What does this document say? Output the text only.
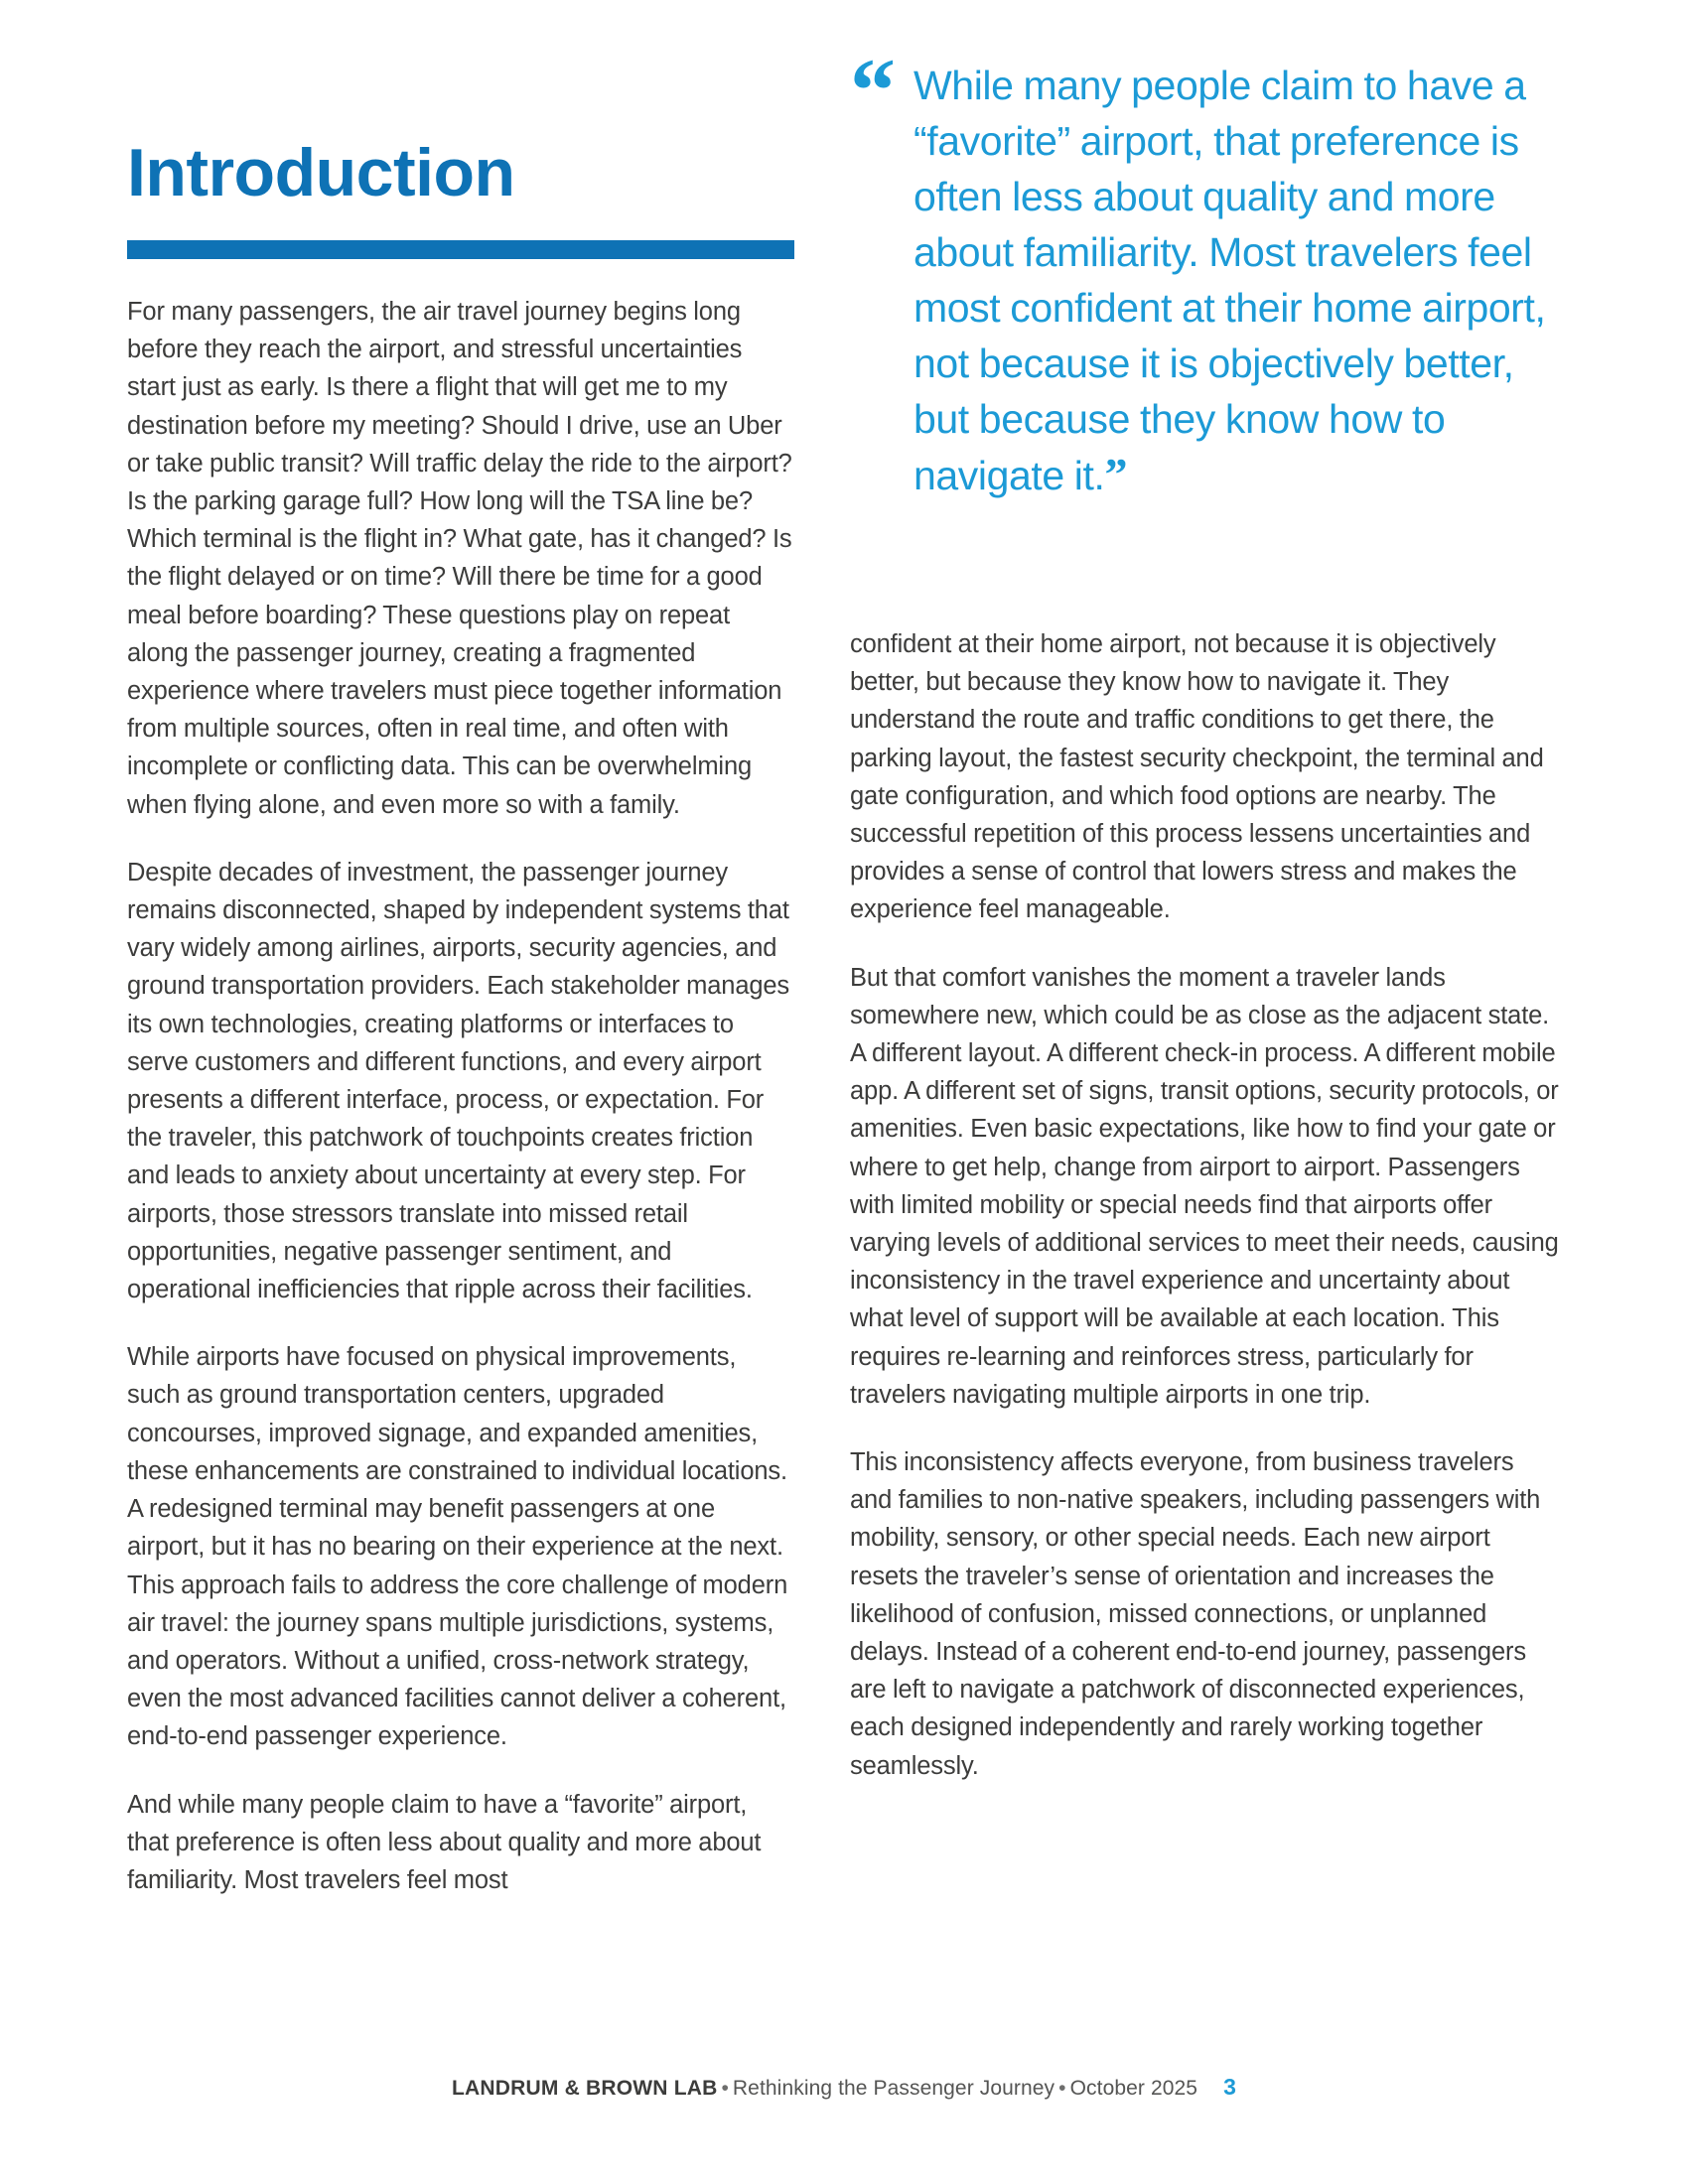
Introduction

For many passengers, the air travel journey begins long before they reach the airport, and stressful uncertainties start just as early. Is there a flight that will get me to my destination before my meeting? Should I drive, use an Uber or take public transit? Will traffic delay the ride to the airport? Is the parking garage full? How long will the TSA line be? Which terminal is the flight in? What gate, has it changed? Is the flight delayed or on time? Will there be time for a good meal before boarding? These questions play on repeat along the passenger journey, creating a fragmented experience where travelers must piece together information from multiple sources, often in real time, and often with incomplete or conflicting data. This can be overwhelming when flying alone, and even more so with a family.

Despite decades of investment, the passenger journey remains disconnected, shaped by independent systems that vary widely among airlines, airports, security agencies, and ground transportation providers. Each stakeholder manages its own technologies, creating platforms or interfaces to serve customers and different functions, and every airport presents a different interface, process, or expectation. For the traveler, this patchwork of touchpoints creates friction and leads to anxiety about uncertainty at every step. For airports, those stressors translate into missed retail opportunities, negative passenger sentiment, and operational inefficiencies that ripple across their facilities.

While airports have focused on physical improvements, such as ground transportation centers, upgraded concourses, improved signage, and expanded amenities, these enhancements are constrained to individual locations. A redesigned terminal may benefit passengers at one airport, but it has no bearing on their experience at the next. This approach fails to address the core challenge of modern air travel: the journey spans multiple jurisdictions, systems, and operators. Without a unified, cross-network strategy, even the most advanced facilities cannot deliver a coherent, end-to-end passenger experience.

And while many people claim to have a “favorite” airport, that preference is often less about quality and more about familiarity. Most travelers feel most

“ While many people claim to have a “favorite” airport, that preference is often less about quality and more about familiarity. Most travelers feel most confident at their home airport, not because it is objectively better, but because they know how to navigate it.”

confident at their home airport, not because it is objectively better, but because they know how to navigate it. They understand the route and traffic conditions to get there, the parking layout, the fastest security checkpoint, the terminal and gate configuration, and which food options are nearby. The successful repetition of this process lessens uncertainties and provides a sense of control that lowers stress and makes the experience feel manageable.

But that comfort vanishes the moment a traveler lands somewhere new, which could be as close as the adjacent state. A different layout. A different check-in process. A different mobile app. A different set of signs, transit options, security protocols, or amenities. Even basic expectations, like how to find your gate or where to get help, change from airport to airport. Passengers with limited mobility or special needs find that airports offer varying levels of additional services to meet their needs, causing inconsistency in the travel experience and uncertainty about what level of support will be available at each location. This requires re-learning and reinforces stress, particularly for travelers navigating multiple airports in one trip.

This inconsistency affects everyone, from business travelers and families to non-native speakers, including passengers with mobility, sensory, or other special needs. Each new airport resets the traveler’s sense of orientation and increases the likelihood of confusion, missed connections, or unplanned delays. Instead of a coherent end-to-end journey, passengers are left to navigate a patchwork of disconnected experiences, each designed independently and rarely working together seamlessly.

LANDRUM & BROWN LAB • Rethinking the Passenger Journey • October 2025 3
